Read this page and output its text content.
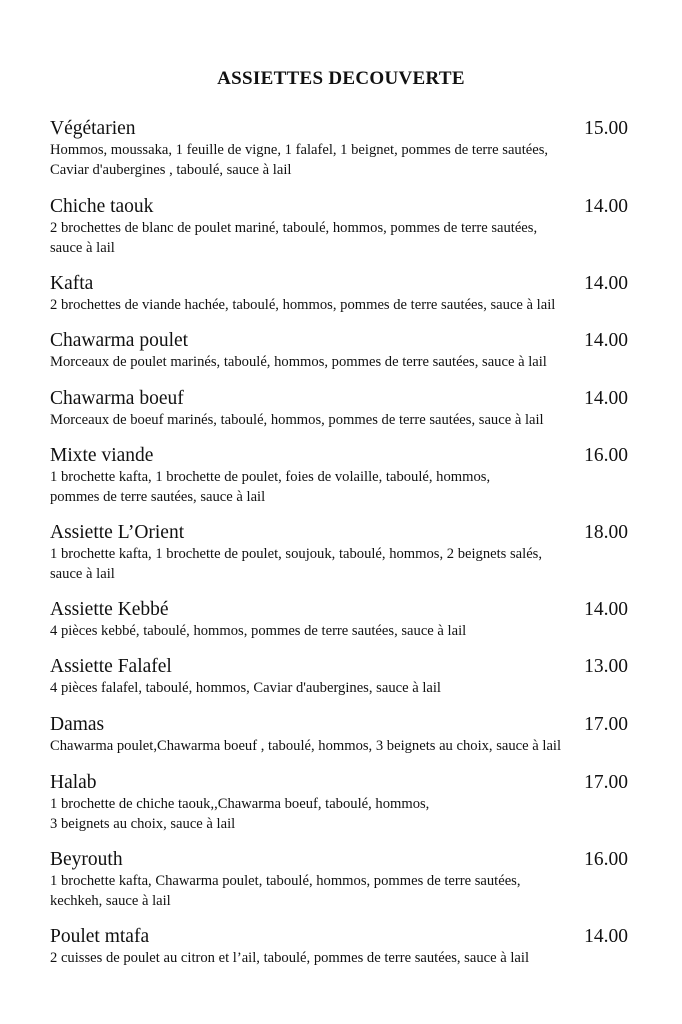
ASSIETTES DECOUVERTE
Végétarien	15.00
Hommos, moussaka, 1 feuille de vigne, 1 falafel, 1 beignet, pommes de terre sautées,
Caviar d'aubergines , taboulé, sauce à lail
Chiche taouk	14.00
2 brochettes de blanc de poulet mariné, taboulé, hommos, pommes de terre sautées,
sauce à lail
Kafta	14.00
2 brochettes de viande hachée, taboulé, hommos, pommes de terre sautées, sauce à lail
Chawarma poulet	14.00
Morceaux de poulet marinés, taboulé, hommos, pommes de terre sautées, sauce à lail
Chawarma boeuf	14.00
Morceaux de boeuf marinés, taboulé, hommos, pommes de terre sautées, sauce à lail
Mixte viande	16.00
1 brochette kafta, 1 brochette de poulet, foies de volaille, taboulé, hommos,
pommes de terre sautées, sauce à lail
Assiette L’Orient	18.00
1 brochette kafta, 1 brochette de poulet, soujouk, taboulé, hommos, 2 beignets salés,
sauce à lail
Assiette Kebbé	14.00
4 pièces kebbé, taboulé, hommos, pommes de terre sautées, sauce à lail
Assiette Falafel	13.00
4 pièces falafel, taboulé, hommos, Caviar d'aubergines, sauce à lail
Damas	17.00
Chawarma poulet,Chawarma boeuf , taboulé, hommos, 3 beignets au choix, sauce à lail
Halab	17.00
1 brochette de chiche taouk,,Chawarma boeuf, taboulé, hommos,
3 beignets au choix, sauce à lail
Beyrouth	16.00
1 brochette kafta, Chawarma poulet, taboulé, hommos, pommes de terre sautées,
kechkeh, sauce à lail
Poulet mtafa	14.00
2 cuisses de poulet au citron et l’ail, taboulé, pommes de terre sautées, sauce à lail
